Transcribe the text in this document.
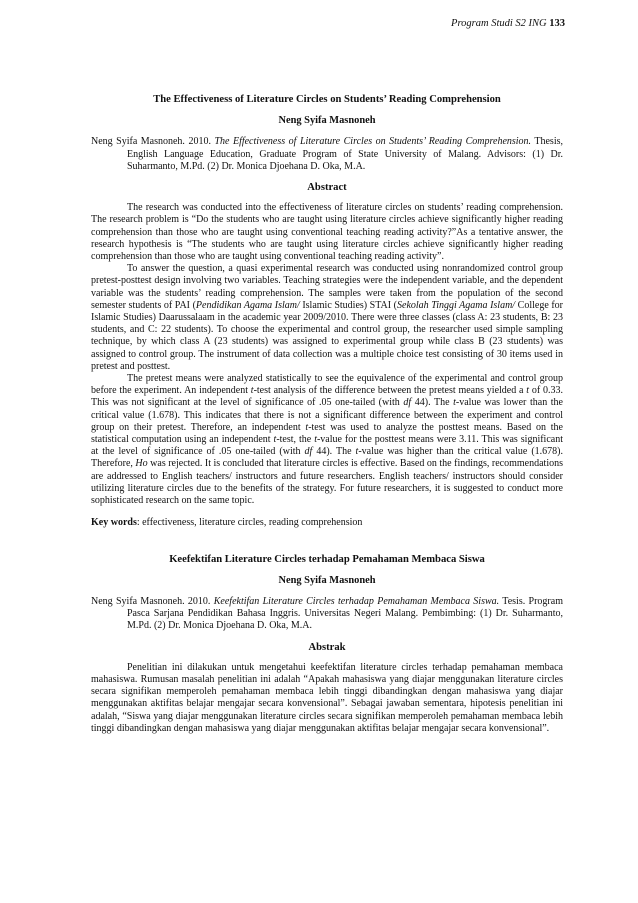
Program Studi S2 ING 133

The Effectiveness of Literature Circles on Students’ Reading Comprehension

Neng Syifa Masnoneh

Neng Syifa Masnoneh. 2010. The Effectiveness of Literature Circles on Students’ Reading Comprehension. Thesis, English Language Education, Graduate Program of State University of Malang. Advisors: (1) Dr. Suharmanto, M.Pd. (2) Dr. Monica Djoehana D. Oka, M.A.

Abstract

The research was conducted into the effectiveness of literature circles on students’ reading comprehension. The research problem is “Do the students who are taught using literature circles achieve significantly higher reading comprehension than those who are taught using conventional teaching reading activity?”As a tentative answer, the research hypothesis is “The students who are taught using literature circles achieve significantly higher reading comprehension than those who are taught using conventional teaching reading activity”.

To answer the question, a quasi experimental research was conducted using nonrandomized control group pretest-posttest design involving two variables. Teaching strategies were the independent variable, and the dependent variable was the students’ reading comprehension. The samples were taken from the population of the second semester students of PAI (Pendidikan Agama Islam/ Islamic Studies) STAI (Sekolah Tinggi Agama Islam/ College for Islamic Studies) Daarussalaam in the academic year 2009/2010. There were three classes (class A: 23 students, B: 23 students, and C: 22 students). To choose the experimental and control group, the researcher used simple sampling technique, by which class A (23 students) was assigned to experimental group while class B (23 students) was assigned to control group. The instrument of data collection was a multiple choice test consisting of 30 items used in pretest and posttest.

The pretest means were analyzed statistically to see the equivalence of the experimental and control group before the experiment. An independent t-test analysis of the difference between the pretest means yielded a t of 0.33. This was not significant at the level of significance of .05 one-tailed (with df 44). The t-value was lower than the critical value (1.678). This indicates that there is not a significant difference between the experiment and control group on their pretest. Therefore, an independent t-test was used to analyze the posttest means. Based on the statistical computation using an independent t-test, the t-value for the posttest means were 3.11. This was significant at the level of significance of .05 one-tailed (with df 44). The t-value was higher than the critical value (1.678). Therefore, Ho was rejected. It is concluded that literature circles is effective. Based on the findings, recommendations are addressed to English teachers/ instructors and future researchers. English teachers/ instructors should consider utilizing literature circles due to the benefits of the strategy. For future researchers, it is suggested to conduct more sophisticated research on the same topic.

Key words: effectiveness, literature circles, reading comprehension

Keefektifan Literature Circles terhadap Pemahaman Membaca Siswa

Neng Syifa Masnoneh

Neng Syifa Masnoneh. 2010. Keefektifan Literature Circles terhadap Pemahaman Membaca Siswa. Tesis. Program Pasca Sarjana Pendidikan Bahasa Inggris. Universitas Negeri Malang. Pembimbing: (1) Dr. Suharmanto, M.Pd. (2) Dr. Monica Djoehana D. Oka, M.A.

Abstrak

Penelitian ini dilakukan untuk mengetahui keefektifan literature circles terhadap pemahaman membaca mahasiswa. Rumusan masalah penelitian ini adalah “Apakah mahasiswa yang diajar menggunakan literature circles secara signifikan memperoleh pemahaman membaca lebih tinggi dibandingkan dengan mahasiswa yang diajar menggunakan aktifitas belajar mengajar secara konvensional”. Sebagai jawaban sementara, hipotesis penelitian ini adalah, “Siswa yang diajar menggunakan literature circles secara signifikan memperoleh pemahaman membaca lebih tinggi dibandingkan dengan mahasiswa yang diajar menggunakan aktifitas belajar mengajar secara konvensional”.
